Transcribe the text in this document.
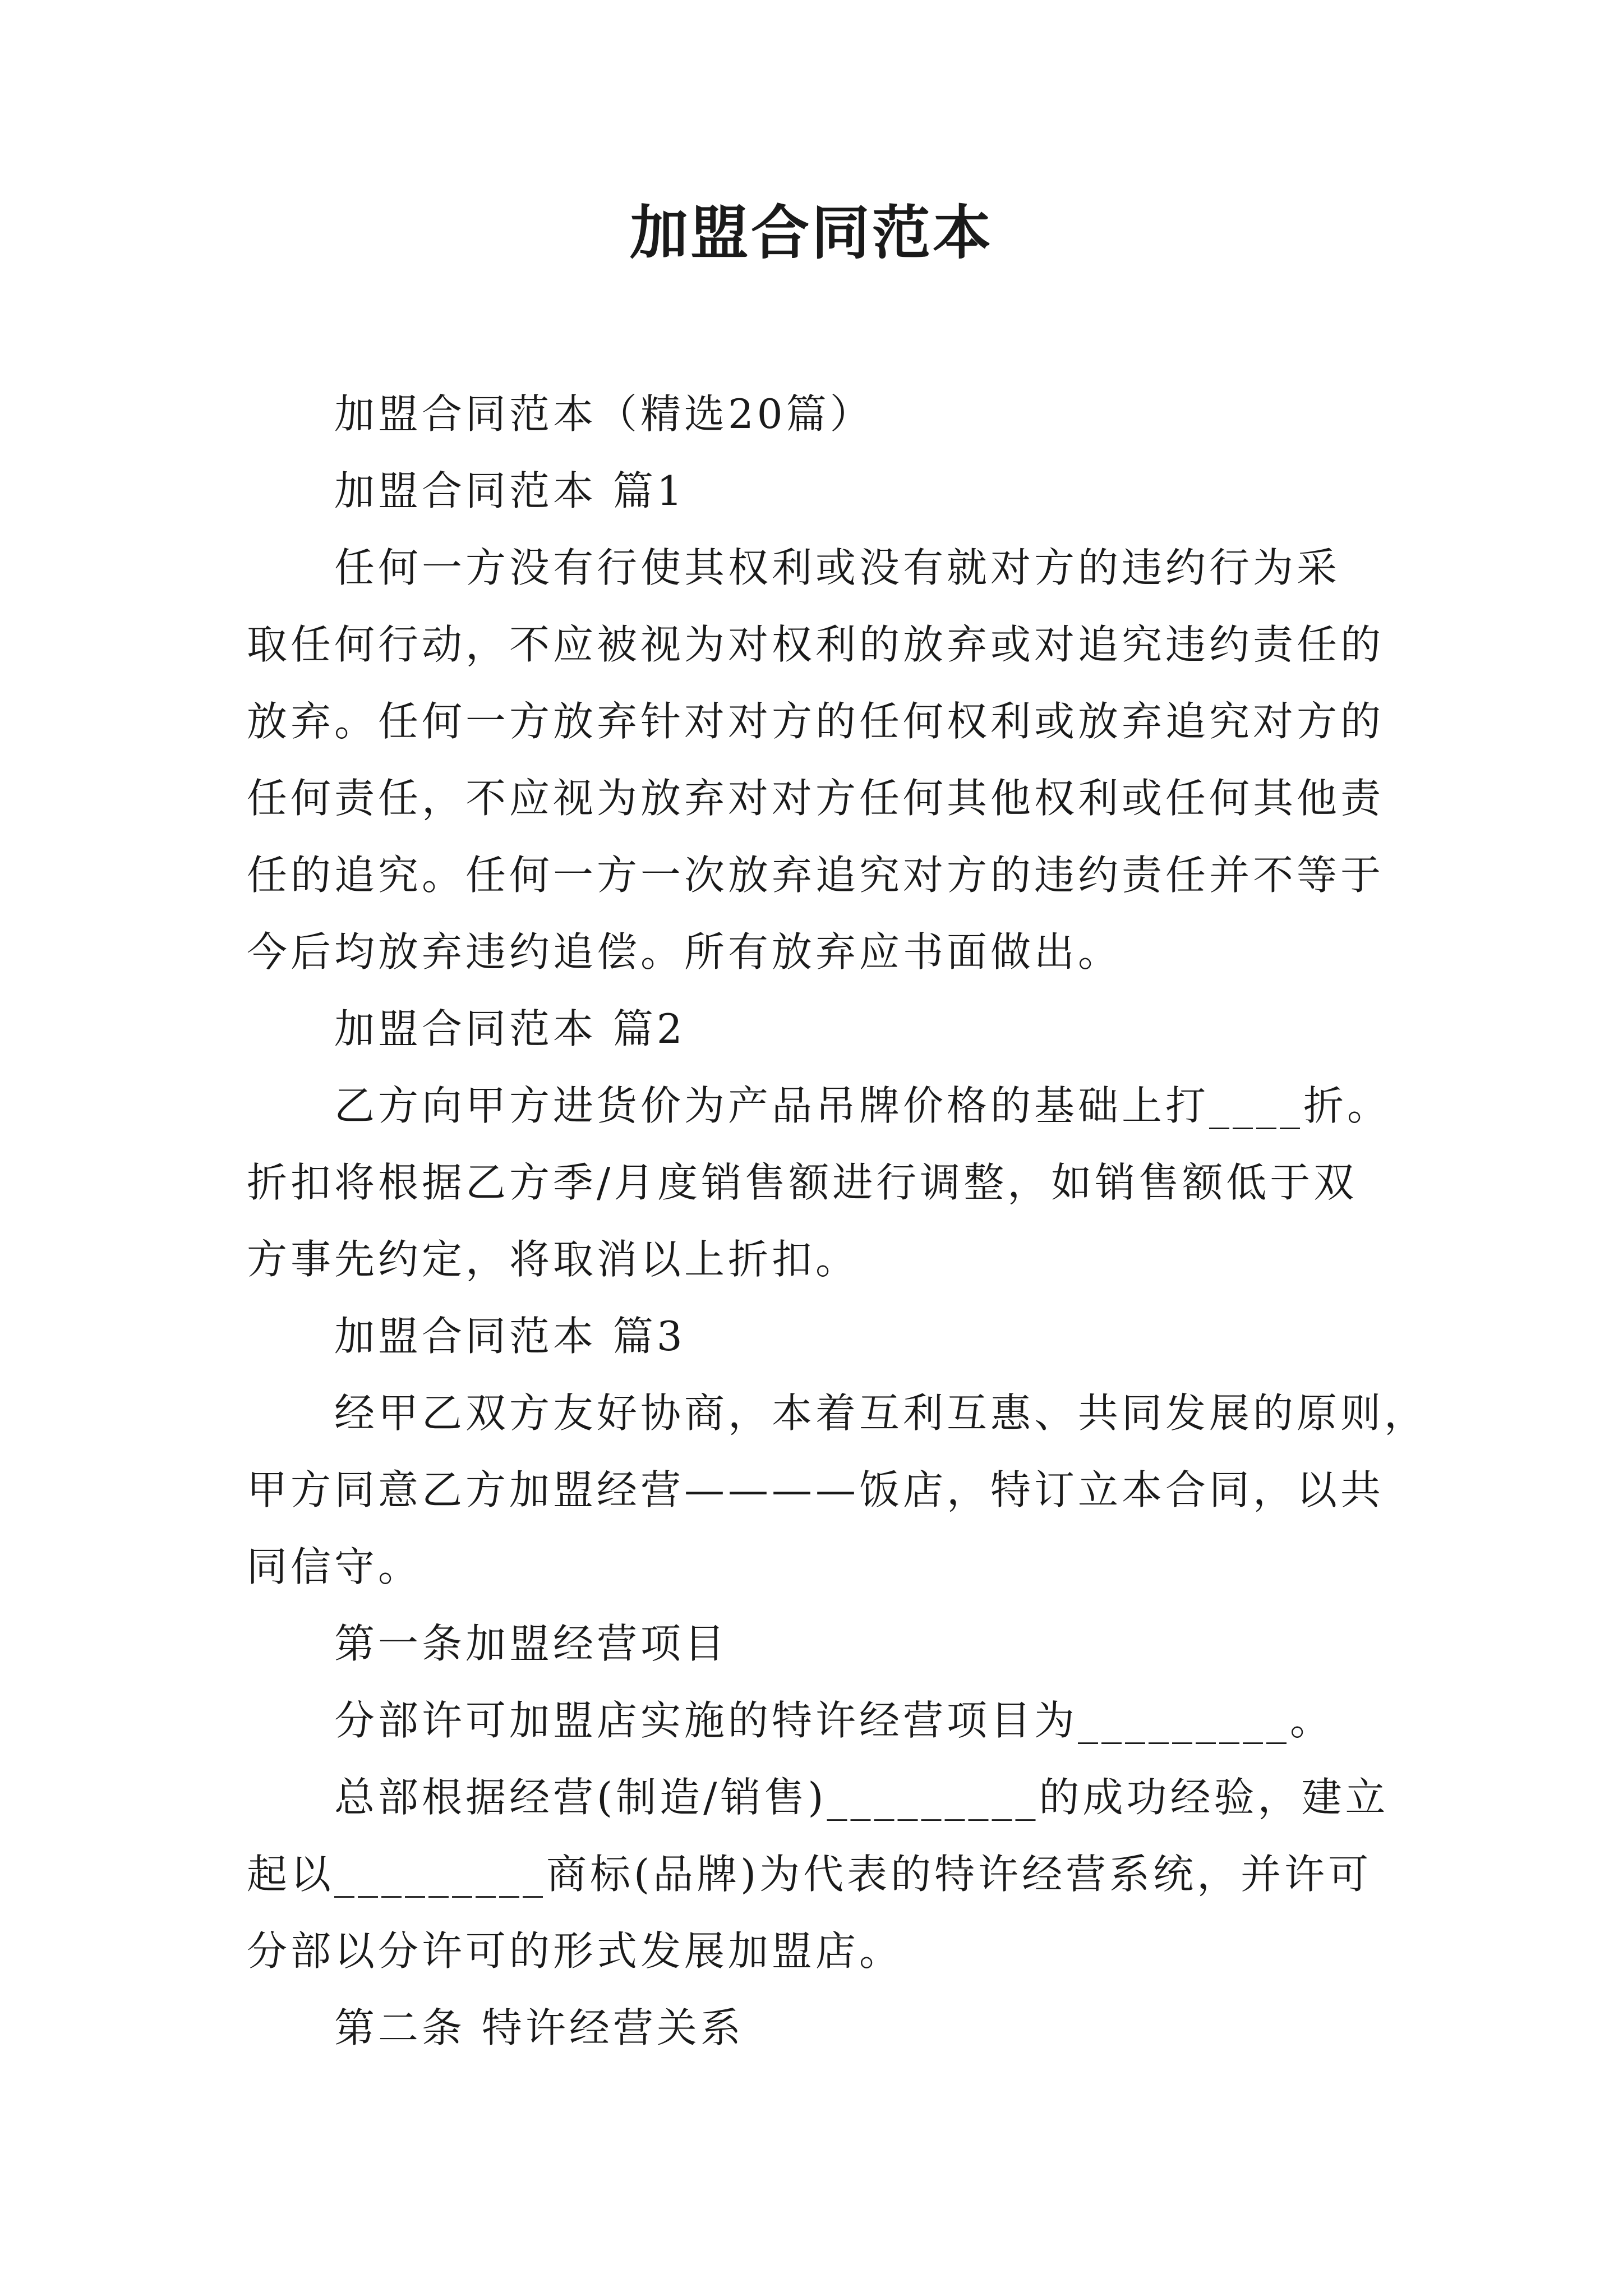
加盟合同范本

加盟合同范本（精选20篇）

加盟合同范本 篇1

任何一方没有行使其权利或没有就对方的违约行为采

取任何行动，不应被视为对权利的放弃或对追究违约责任的

放弃。任何一方放弃针对对方的任何权利或放弃追究对方的

任何责任，不应视为放弃对对方任何其他权利或任何其他责

任的追究。任何一方一次放弃追究对方的违约责任并不等于

今后均放弃违约追偿。所有放弃应书面做出。

加盟合同范本 篇2

乙方向甲方进货价为产品吊牌价格的基础上打____折。

折扣将根据乙方季/月度销售额进行调整，如销售额低于双

方事先约定，将取消以上折扣。

加盟合同范本 篇3

经甲乙双方友好协商，本着互利互惠、共同发展的原则，

甲方同意乙方加盟经营————饭店，特订立本合同，以共

同信守。

第一条加盟经营项目

分部许可加盟店实施的特许经营项目为_________。

总部根据经营(制造/销售)_________的成功经验，建立

起以_________商标(品牌)为代表的特许经营系统，并许可

分部以分许可的形式发展加盟店。

第二条 特许经营关系
